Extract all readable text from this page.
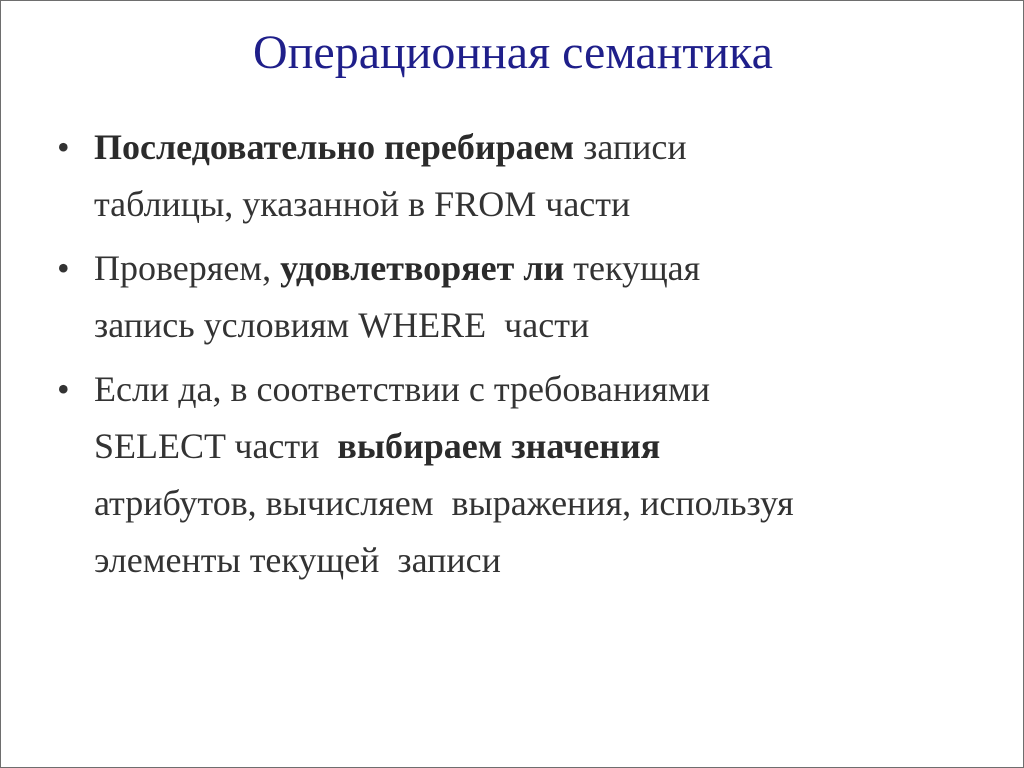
Операционная семантика
• Последовательно перебираем записи
таблицы, указанной в FROM части
• Проверяем, удовлетворяет ли текущая
запись условиям WHERE  части
• Если да, в соответствии с требованиями
SELECT части  выбираем значения
атрибутов, вычисляем  выражения, используя
элементы текущей  записи
